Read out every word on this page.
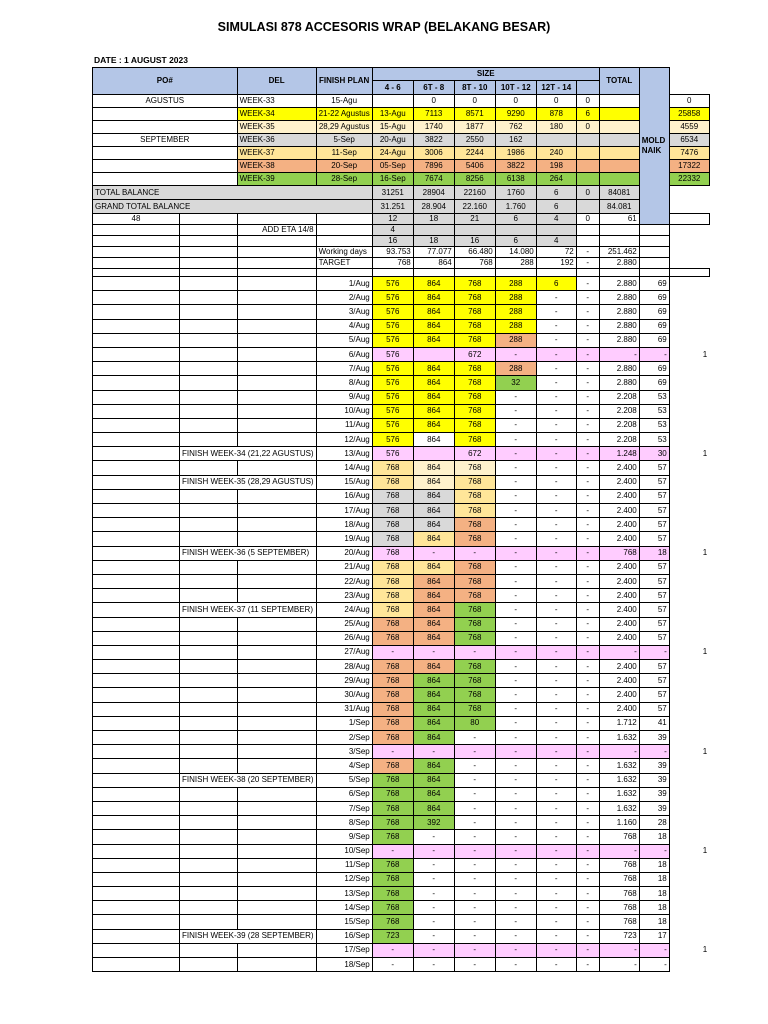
SIMULASI 878 ACCESORIS WRAP (BELAKANG BESAR)
DATE : 1 AUGUST 2023
PO#		DEL	FINISH PLAN	SIZE						TOTAL	MOLD NAIK	
				4 - 6	6T - 8	8T - 10	10T - 12	12T - 14				
AGUSTUS		WEEK-33	15-Agu		0	0	0	0	0			0
		WEEK-34	21-22 Agustus	13-Agu	7113	8571	9290	878	6			25858
		WEEK-35	28,29 Agustus	15-Agu	1740	1877	762	180	0			4559
SEPTEMBER		WEEK-36	5-Sep	20-Agu	3822	2550	162					6534
		WEEK-37	11-Sep	24-Agu	3006	2244	1986	240				7476
		WEEK-38	20-Sep	05-Sep	7896	5406	3822	198				17322
		WEEK-39	28-Sep	16-Sep	7674	8256	6138	264				22332
TOTAL BALANCE				31251	28904	22160	1760	6	0	84081		
GRAND TOTAL BALANCE				31.251	28.904	22.160	1.760	6		84.081		
48				12	18	21	6	4	0	61		
		ADD ETA 14/8		4								
				16	18	16	6	4				
			Working days	93.753	77.077	66.480	14.080	72	-	251.462		
			TARGET	768	864	768	288	192	-	2.880		

			1/Aug	576	864	768	288	6	-	2.880	69	
			2/Aug	576	864	768	288	-	-	2.880	69	
			3/Aug	576	864	768	288	-	-	2.880	69	
			4/Aug	576	864	768	288	-	-	2.880	69	
			5/Aug	576	864	768	288	-	-	2.880	69	
			6/Aug	576		672	-	-	-	-	-	1
			7/Aug	576	864	768	288	-	-	2.880	69	
			8/Aug	576	864	768	32	-	-	2.880	69	
			9/Aug	576	864	768	-	-	-	2.208	53	
			10/Aug	576	864	768	-	-	-	2.208	53	
			11/Aug	576	864	768	-	-	-	2.208	53	
			12/Aug	576	864	768	-	-	-	2.208	53	
	FINISH WEEK-34 (21,22 AGUSTUS)		13/Aug	576		672	-	-	-	1.248	30	1
			14/Aug	768	864	768	-	-	-	2.400	57	
	FINISH WEEK-35 (28,29 AGUSTUS)		15/Aug	768	864	768	-	-	-	2.400	57	
			16/Aug	768	864	768	-	-	-	2.400	57	
			17/Aug	768	864	768	-	-	-	2.400	57	
			18/Aug	768	864	768	-	-	-	2.400	57	
			19/Aug	768	864	768	-	-	-	2.400	57	
	FINISH WEEK-36 (5 SEPTEMBER)		20/Aug	768	-	-	-	-	-	768	18	1
			21/Aug	768	864	768	-	-	-	2.400	57	
			22/Aug	768	864	768	-	-	-	2.400	57	
			23/Aug	768	864	768	-	-	-	2.400	57	
	FINISH WEEK-37 (11 SEPTEMBER)		24/Aug	768	864	768	-	-	-	2.400	57	
			25/Aug	768	864	768	-	-	-	2.400	57	
			26/Aug	768	864	768	-	-	-	2.400	57	
			27/Aug	-	-	-	-	-	-	-	-	1
			28/Aug	768	864	768	-	-	-	2.400	57	
			29/Aug	768	864	768	-	-	-	2.400	57	
			30/Aug	768	864	768	-	-	-	2.400	57	
			31/Aug	768	864	768	-	-	-	2.400	57	
			1/Sep	768	864	80	-	-	-	1.712	41	
			2/Sep	768	864	-	-	-	-	1.632	39	
			3/Sep	-	-	-	-	-	-	-	-	1
			4/Sep	768	864	-	-	-	-	1.632	39	
	FINISH WEEK-38 (20 SEPTEMBER)		5/Sep	768	864	-	-	-	-	1.632	39	
			6/Sep	768	864	-	-	-	-	1.632	39	
			7/Sep	768	864	-	-	-	-	1.632	39	
			8/Sep	768	392	-	-	-	-	1.160	28	
			9/Sep	768	-	-	-	-	-	768	18	
			10/Sep	-	-	-	-	-	-	-	-	1
			11/Sep	768	-	-	-	-	-	768	18	
			12/Sep	768	-	-	-	-	-	768	18	
			13/Sep	768	-	-	-	-	-	768	18	
			14/Sep	768	-	-	-	-	-	768	18	
			15/Sep	768	-	-	-	-	-	768	18	
	FINISH WEEK-39 (28 SEPTEMBER)		16/Sep	723	-	-	-	-	-	723	17	
			17/Sep	-	-	-	-	-	-	-	-	1
			18/Sep	-	-	-	-	-	-	-	-	
